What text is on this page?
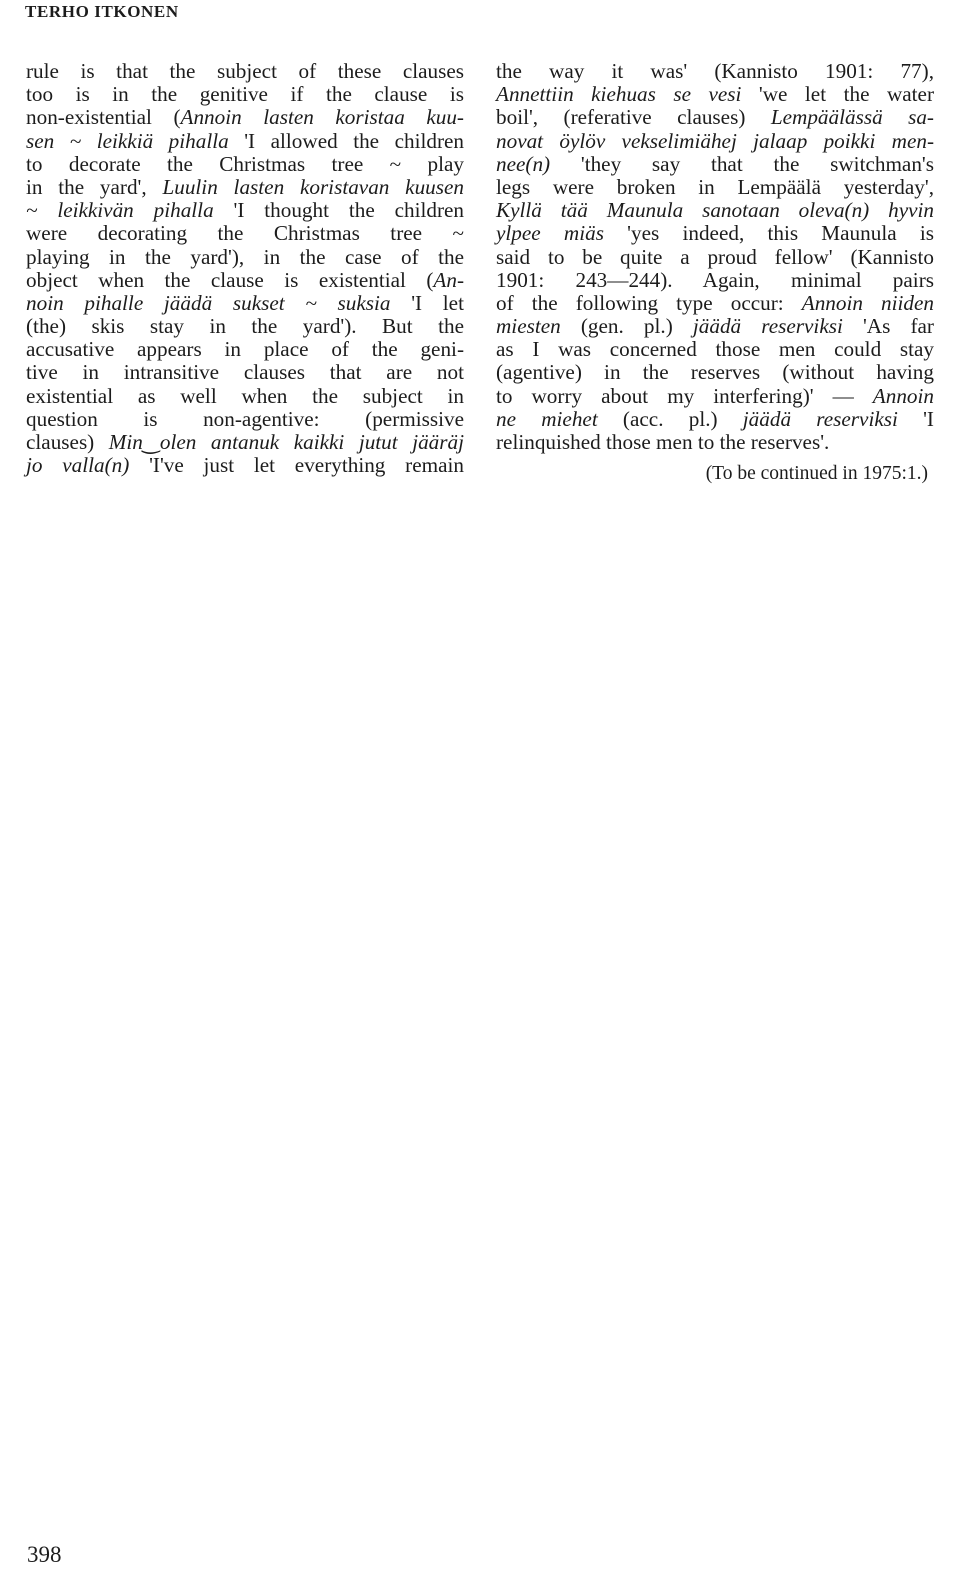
TERHO ITKONEN
rule is that the subject of these clauses
too is in the genitive if the clause is
non-existential (Annoin lasten koristaa kuu-
sen ~ leikkiä pihalla 'I allowed the children
to decorate the Christmas tree ~ play
in the yard', Luulin lasten koristavan kuusen
~ leikkivän pihalla 'I thought the children
were decorating the Christmas tree ~
playing in the yard'), in the case of the
object when the clause is existential (An-
noin pihalle jäädä sukset ~ suksia 'I let
(the) skis stay in the yard'). But the
accusative appears in place of the geni-
tive in intransitive clauses that are not
existential as well when the subject in
question is non-agentive: (permissive
clauses) Min‿olen antanuk kaikki jutut jääräj
jo valla(n) 'I've just let everything remain
the way it was' (Kannisto 1901: 77),
Annettiin kiehuas se vesi 'we let the water
boil', (referative clauses) Lempäälässä sa-
novat öylöv vekselimiähej jalaap poikki men-
nee(n) 'they say that the switchman's
legs were broken in Lempäälä yesterday',
Kyllä tää Maunula sanotaan oleva(n) hyvin
ylpee miäs 'yes indeed, this Maunula is
said to be quite a proud fellow' (Kannisto
1901: 243—244). Again, minimal pairs
of the following type occur: Annoin niiden
miesten (gen. pl.) jäädä reserviksi 'As far
as I was concerned those men could stay
(agentive) in the reserves (without having
to worry about my interfering)' — Annoin
ne miehet (acc. pl.) jäädä reserviksi 'I
relinquished those men to the reserves'.
(To be continued in 1975:1.)
398
